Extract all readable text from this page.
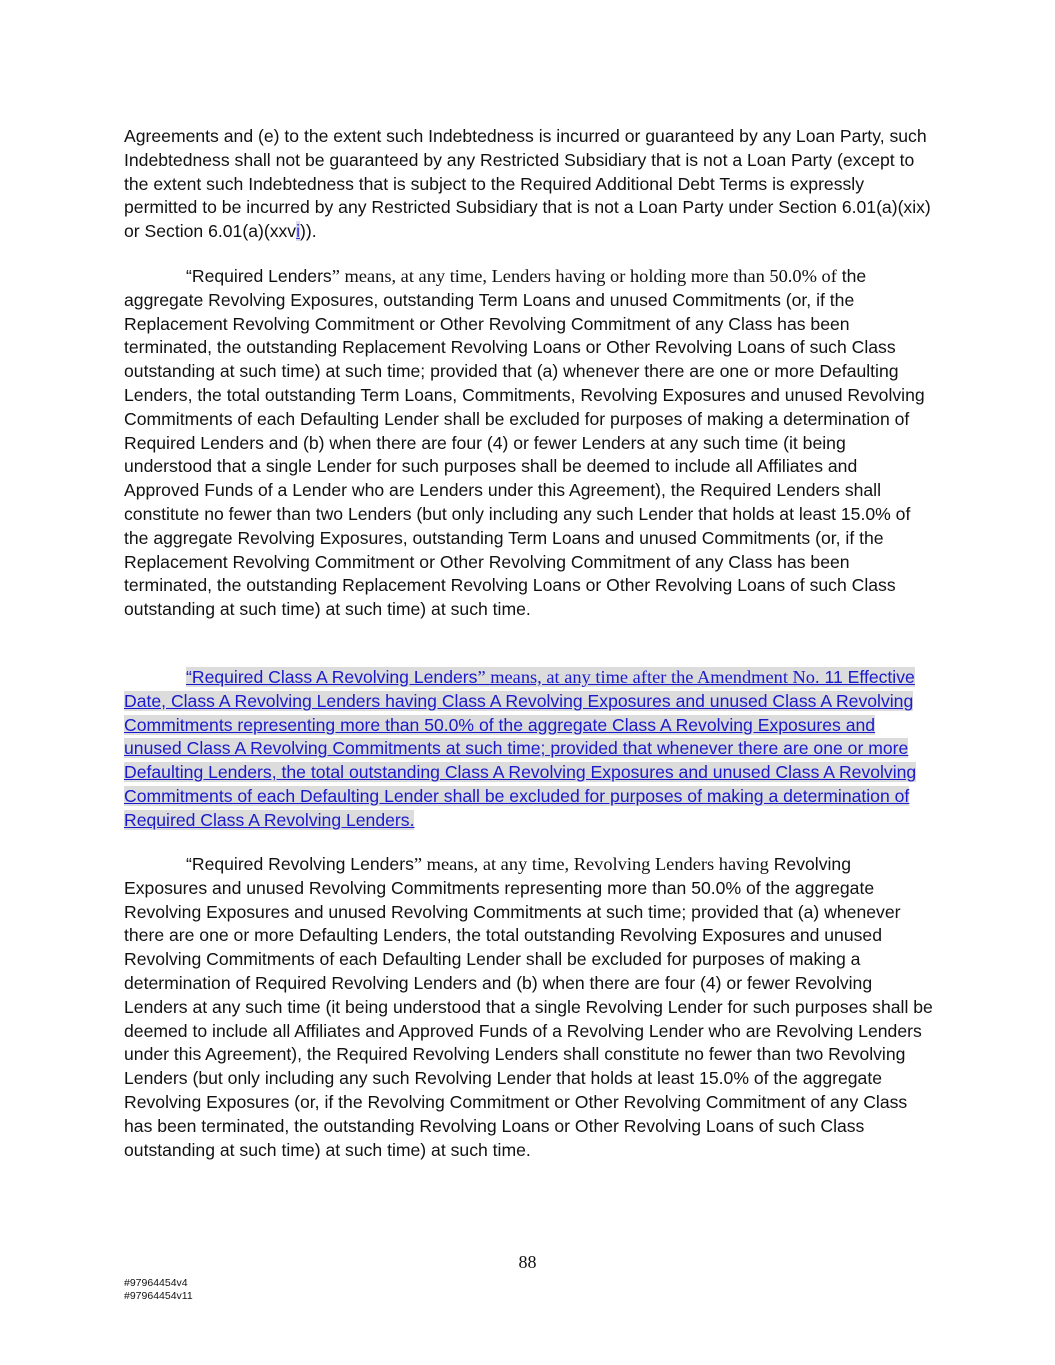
Agreements and (e) to the extent such Indebtedness is incurred or guaranteed by any Loan Party, such Indebtedness shall not be guaranteed by any Restricted Subsidiary that is not a Loan Party (except to the extent such Indebtedness that is subject to the Required Additional Debt Terms is expressly permitted to be incurred by any Restricted Subsidiary that is not a Loan Party under Section 6.01(a)(xix) or Section 6.01(a)(xxvi)).

“Required Lenders” means, at any time, Lenders having or holding more than 50.0% of the aggregate Revolving Exposures, outstanding Term Loans and unused Commitments (or, if the Replacement Revolving Commitment or Other Revolving Commitment of any Class has been terminated, the outstanding Replacement Revolving Loans or Other Revolving Loans of such Class outstanding at such time) at such time; provided that (a) whenever there are one or more Defaulting Lenders, the total outstanding Term Loans, Commitments, Revolving Exposures and unused Revolving Commitments of each Defaulting Lender shall be excluded for purposes of making a determination of Required Lenders and (b) when there are four (4) or fewer Lenders at any such time (it being understood that a single Lender for such purposes shall be deemed to include all Affiliates and Approved Funds of a Lender who are Lenders under this Agreement), the Required Lenders shall constitute no fewer than two Lenders (but only including any such Lender that holds at least 15.0% of the aggregate Revolving Exposures, outstanding Term Loans and unused Commitments (or, if the Replacement Revolving Commitment or Other Revolving Commitment of any Class has been terminated, the outstanding Replacement Revolving Loans or Other Revolving Loans of such Class outstanding at such time) at such time) at such time.

“Required Class A Revolving Lenders” means, at any time after the Amendment No. 11 Effective Date, Class A Revolving Lenders having Class A Revolving Exposures and unused Class A Revolving Commitments representing more than 50.0% of the aggregate Class A Revolving Exposures and unused Class A Revolving Commitments at such time; provided that whenever there are one or more Defaulting Lenders, the total outstanding Class A Revolving Exposures and unused Class A Revolving Commitments of each Defaulting Lender shall be excluded for purposes of making a determination of Required Class A Revolving Lenders.

“Required Revolving Lenders” means, at any time, Revolving Lenders having Revolving Exposures and unused Revolving Commitments representing more than 50.0% of the aggregate Revolving Exposures and unused Revolving Commitments at such time; provided that (a) whenever there are one or more Defaulting Lenders, the total outstanding Revolving Exposures and unused Revolving Commitments of each Defaulting Lender shall be excluded for purposes of making a determination of Required Revolving Lenders and (b) when there are four (4) or fewer Revolving Lenders at any such time (it being understood that a single Revolving Lender for such purposes shall be deemed to include all Affiliates and Approved Funds of a Revolving Lender who are Revolving Lenders under this Agreement), the Required Revolving Lenders shall constitute no fewer than two Revolving Lenders (but only including any such Revolving Lender that holds at least 15.0% of the aggregate Revolving Exposures (or, if the Revolving Commitment or Other Revolving Commitment of any Class has been terminated, the outstanding Revolving Loans or Other Revolving Loans of such Class outstanding at such time) at such time) at such time.

88
#97964454v4
#97964454v11
